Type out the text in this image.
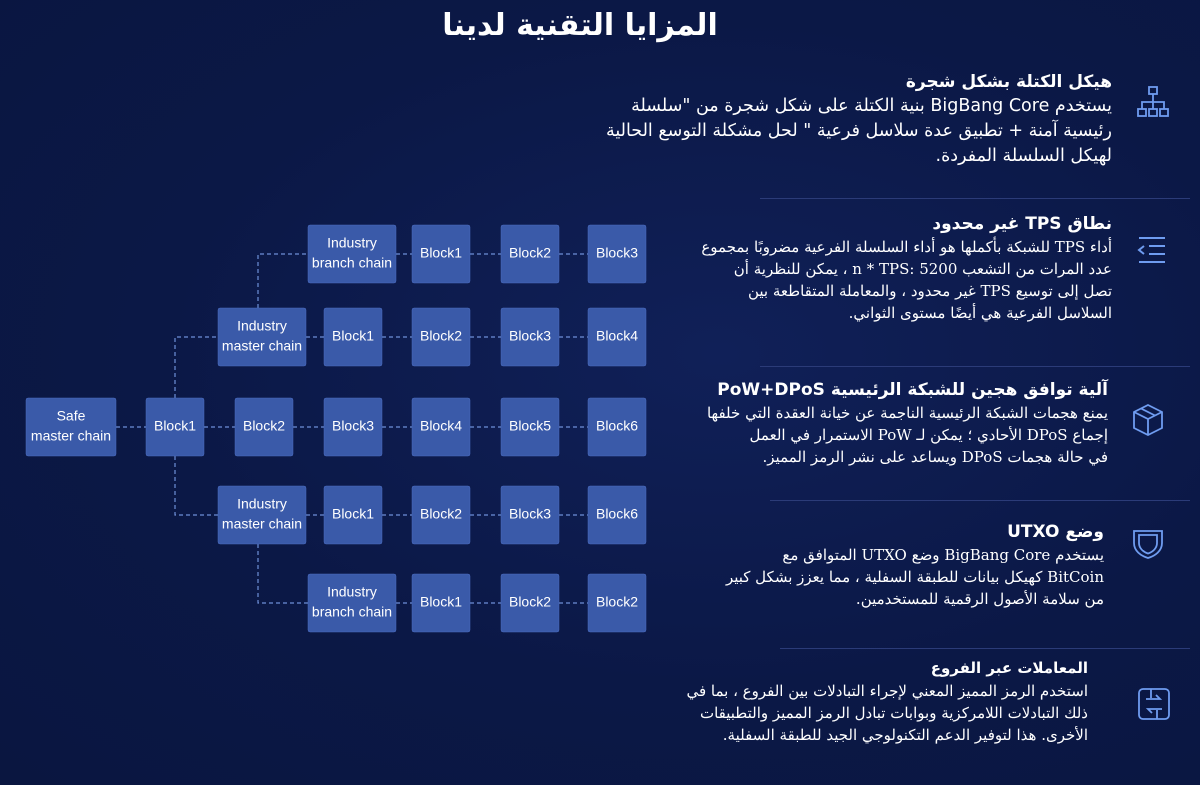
المزايا التقنية لدينا
Safe
master chain
Block1	Block2	Block3	Block4	Block5	Block6
Industry
master chain
Block1	Block2	Block3	Block4
Industry
branch chain
Block1	Block2	Block3
Industry
master chain
Block1	Block2	Block3	Block6
Industry
branch chain
Block1	Block2	Block2
هيكل الكتلة بشكل شجرة

يستخدم BigBang Core بنية الكتلة على شكل شجرة من "سلسلة

رئيسية آمنة + تطبيق عدة سلاسل فرعية " لحل مشكلة التوسع الحالية

لهيكل السلسلة المفردة.

نطاق TPS غير محدود

أداء TPS للشبكة بأكملها هو أداء السلسلة الفرعية مضروبًا بمجموع

عدد المرات من التشعب n * TPS: 5200 ، يمكن للنظرية أن

تصل إلى توسيع TPS غير محدود ، والمعاملة المتقاطعة بين

السلاسل الفرعية هي أيضًا مستوى الثواني.

آلية توافق هجين للشبكة الرئيسية PoW+DPoS

يمنع هجمات الشبكة الرئيسية الناجمة عن خيانة العقدة التي خلفها

إجماع DPoS الأحادي ؛ يمكن لـ PoW الاستمرار في العمل

في حالة هجمات DPoS ويساعد على نشر الرمز المميز.

وضع UTXO

يستخدم BigBang Core وضع UTXO المتوافق مع

BitCoin كهيكل بيانات للطبقة السفلية ، مما يعزز بشكل كبير

من سلامة الأصول الرقمية للمستخدمين.

المعاملات عبر الفروع

استخدم الرمز المميز المعني لإجراء التبادلات بين الفروع ، بما في

ذلك التبادلات اللامركزية وبوابات تبادل الرمز المميز والتطبيقات

الأخرى. هذا لتوفير الدعم التكنولوجي الجيد للطبقة السفلية.
